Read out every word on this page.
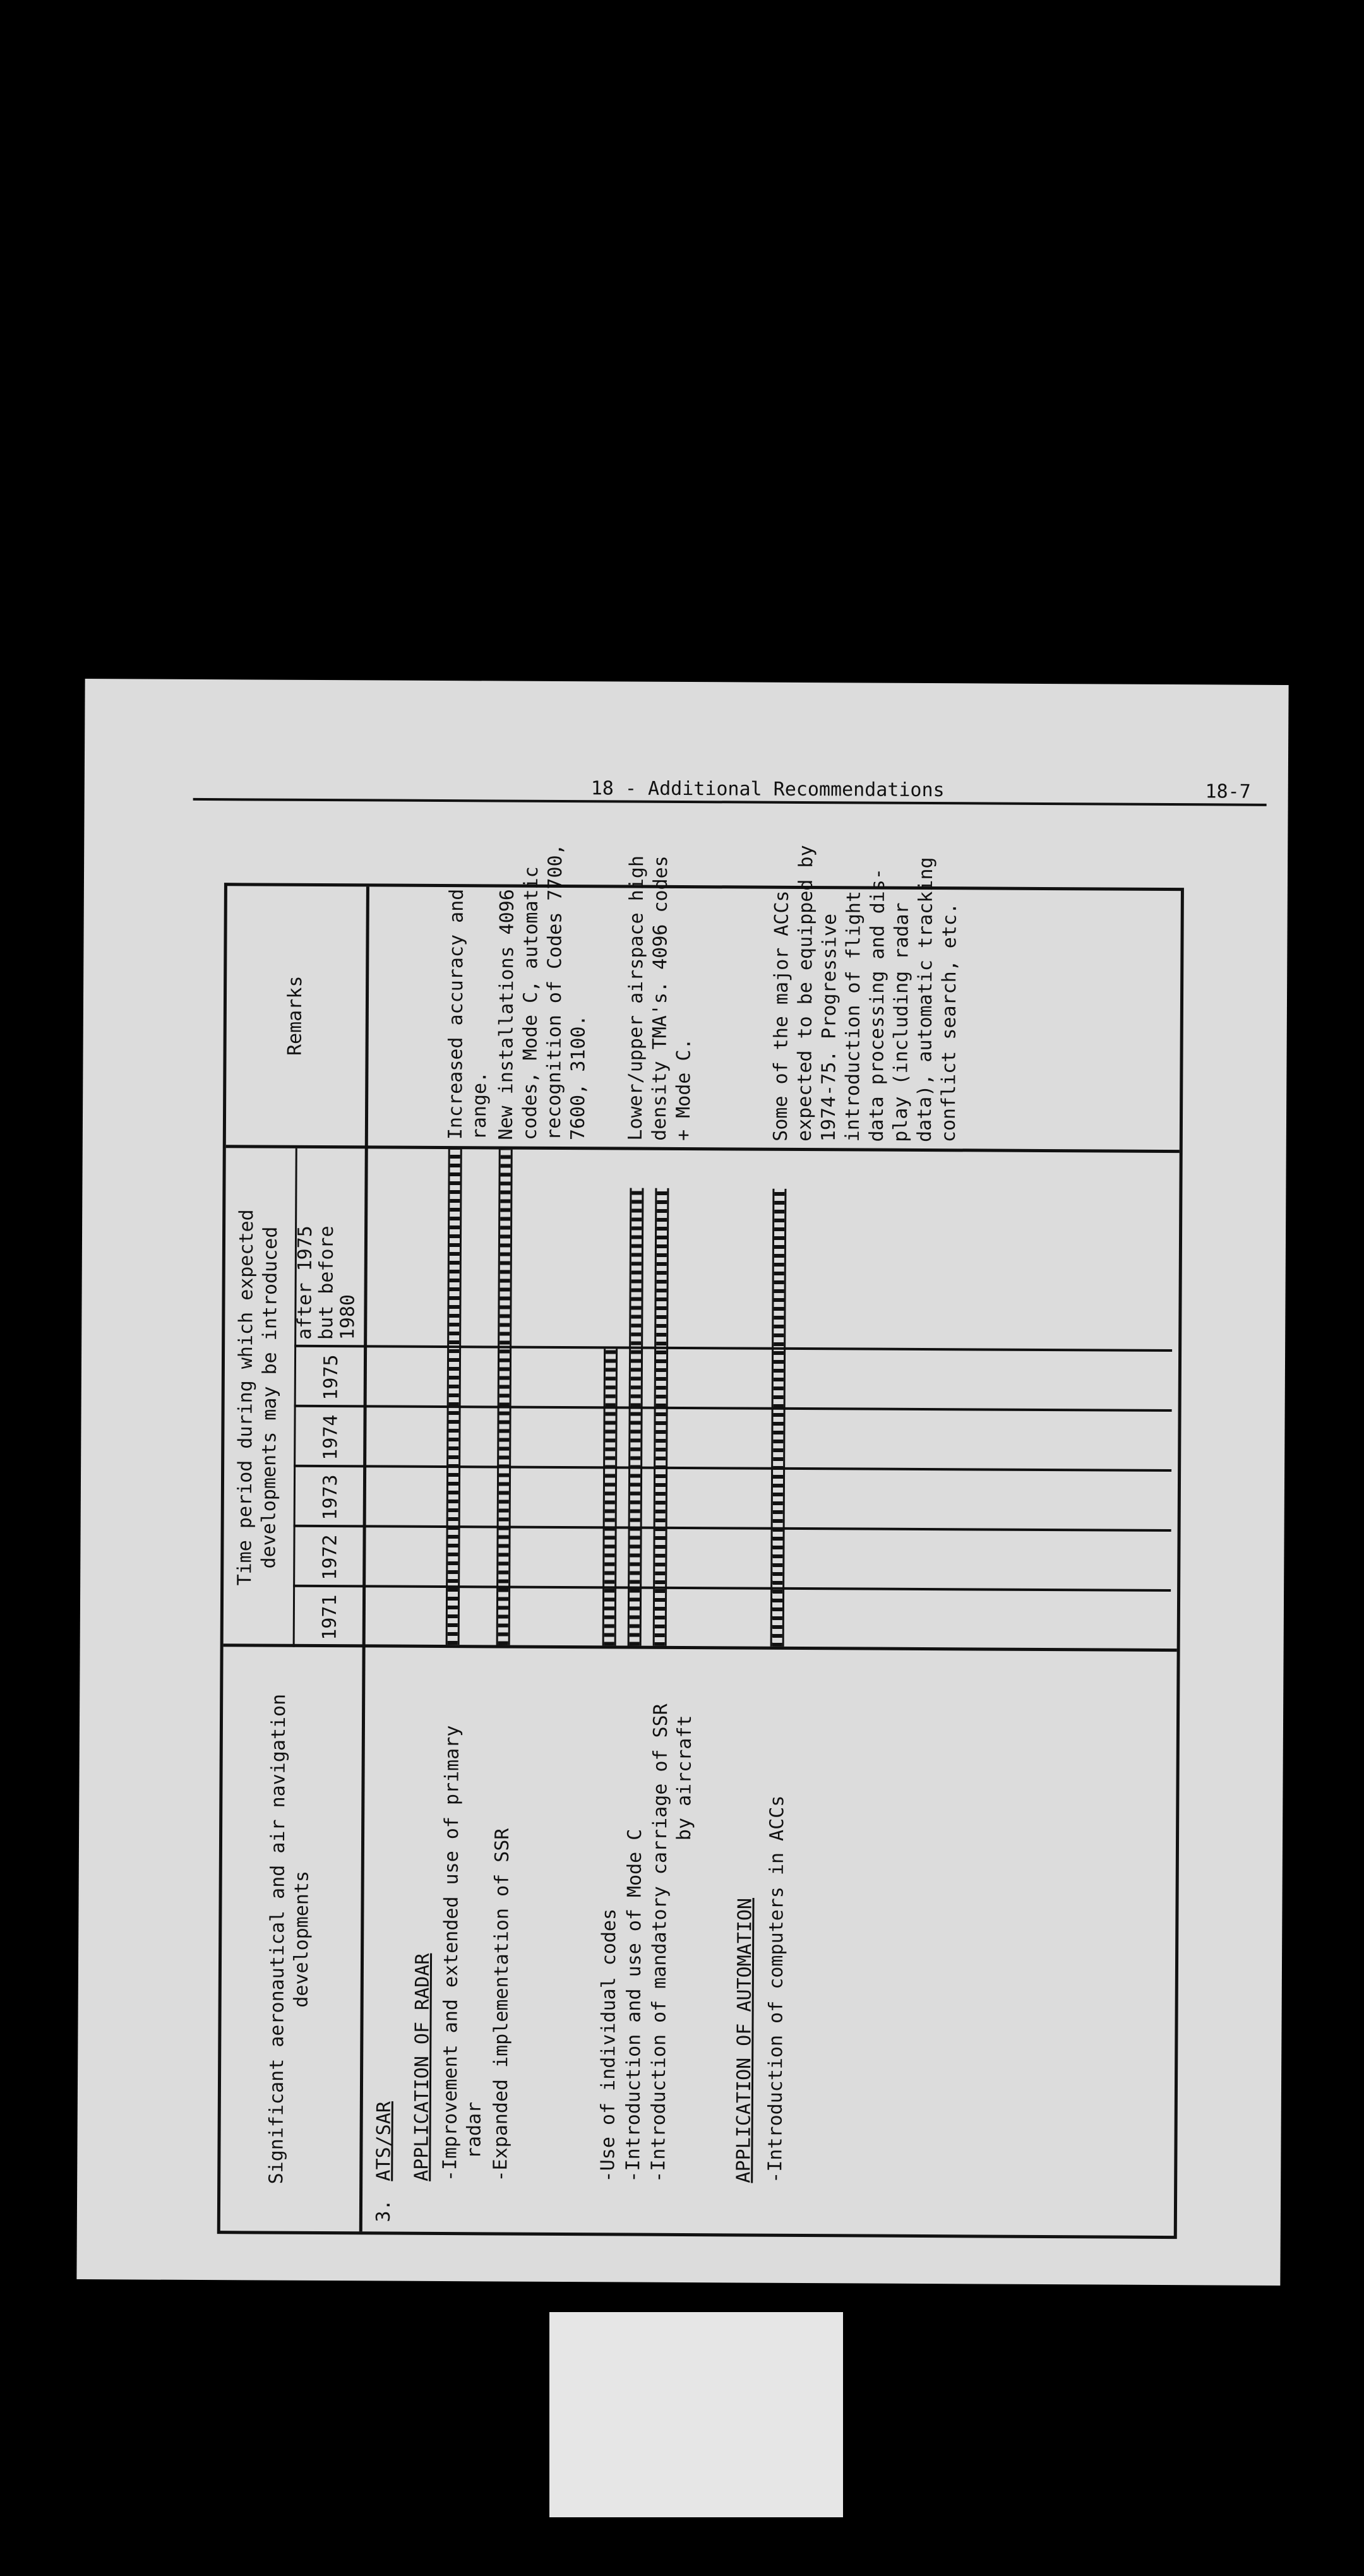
18 - Additional Recommendations	18-7
Significant aeronautical and air navigation
developments
Time period during which expected
developments may be introduced
1971
1972
1973
1974
1975
after 1975
but before
1980
Remarks
3.
ATS/SAR APPLICATION OF RADAR -Improvement and extended use of primary
radar -Expanded implementation of SSR	-Use of individual codes -Introduction and use of Mode C -Introduction of mandatory carriage of SSR
by aircraft
Increased accuracy and
range. New installations 4096
codes, Mode C, automatic
recognition of Codes 7700,
7600, 3100. Lower/upper airspace high
density TMA's. 4096 codes
+ Mode C.
APPLICATION OF AUTOMATION -Introduction of computers in ACCs
Some of the major ACCs
expected to be equipped by
1974-75. Progressive
introduction of flight
data processing and dis-
play (including radar
data), automatic tracking
conflict search, etc.
